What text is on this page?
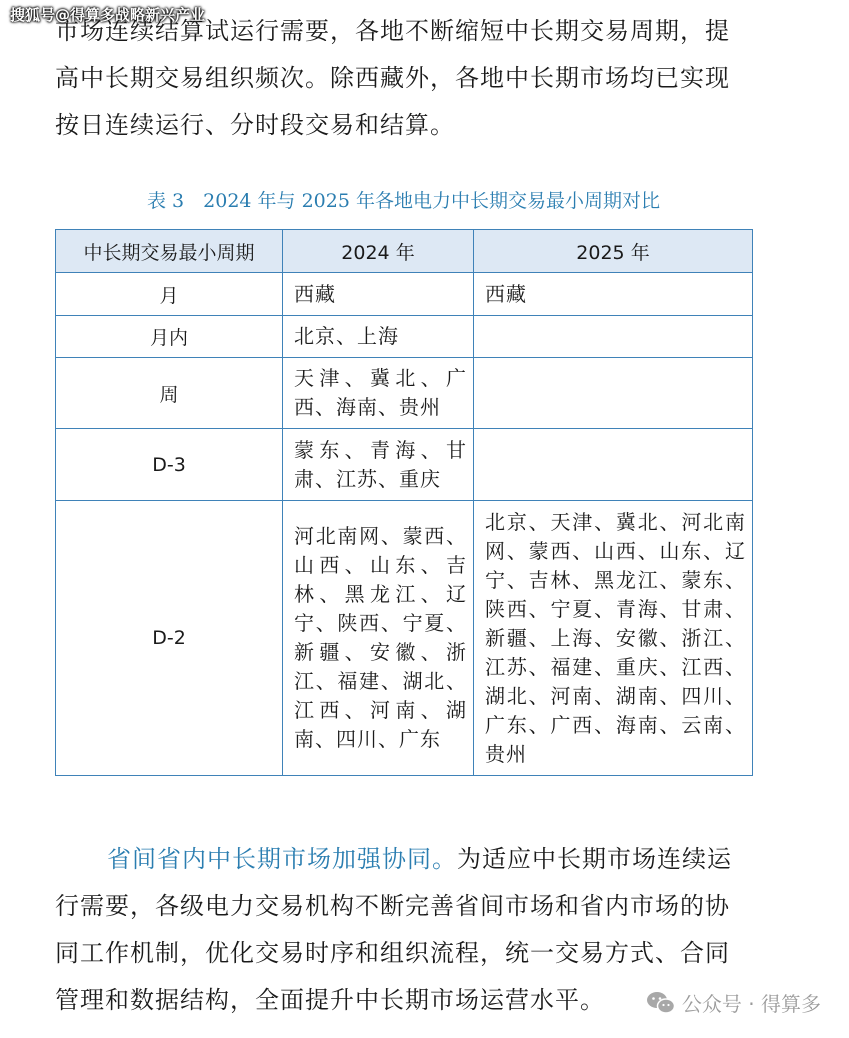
搜狐号@得算多战略新兴产业
市场连续结算试运行需要，各地不断缩短中长期交易周期，提
高中长期交易组织频次。除西藏外，各地中长期市场均已实现
按日连续运行、分时段交易和结算。
表 3　2024 年与 2025 年各地电力中长期交易最小周期对比
中长期交易最小周期	2024 年	2025 年
月	西藏	西藏
月内	北京、上海	
周	天津、冀北、广西、海南、贵州	
D-3	蒙东、青海、甘肃、江苏、重庆	
D-2	河北南网、蒙西、山西、山东、吉林、黑龙江、辽宁、陕西、宁夏、新疆、安徽、浙江、福建、湖北、江西、河南、湖南、四川、广东	北京、天津、冀北、河北南网、蒙西、山西、山东、辽宁、吉林、黑龙江、蒙东、陕西、宁夏、青海、甘肃、新疆、上海、安徽、浙江、江苏、福建、重庆、江西、湖北、河南、湖南、四川、广东、广西、海南、云南、贵州
省间省内中长期市场加强协同。为适应中长期市场连续运
行需要，各级电力交易机构不断完善省间市场和省内市场的协
同工作机制，优化交易时序和组织流程，统一交易方式、合同
管理和数据结构，全面提升中长期市场运营水平。	公众号 · 得算多
